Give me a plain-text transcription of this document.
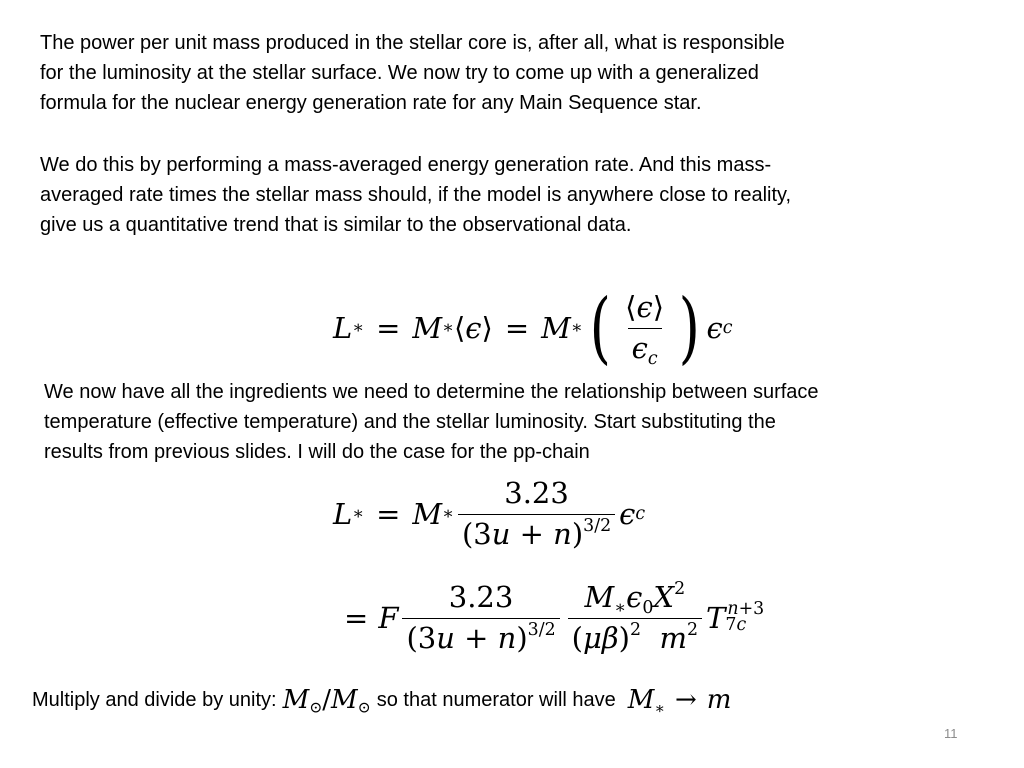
The power per unit mass produced in the stellar core is, after all, what is responsible
for the luminosity at the stellar surface. We now try to come up with a generalized
formula for the nuclear energy generation rate for any Main Sequence star.

We do this by performing a mass-averaged energy generation rate. And this mass-
averaged rate times the stellar mass should, if the model is anywhere close to reality,
give us a quantitative trend that is similar to the observational data.

L ∗ = M ∗ ⟨ ϵ ⟩ = M ∗ ( $\frac{⟨\epsilon⟩}{\epsilon_c}$ ) ϵ c

We now have all the ingredients we need to determine the relationship between surface
temperature (effective temperature) and the stellar luminosity. Start substituting the
results from previous slides. I will do the case for the pp-chain

L ∗ = M ∗ $\frac{3.23}{(3u + n)^{3/2}}$ ϵ c
= F $\frac{3.23}{(3u + n)^{3/2}} \frac{M_∗\epsilon_0X^2}{(\mu\beta)^2 m^2}$ T n+3
7c
Multiply and divide by unity: M⊙/M⊙ so that numerator will have $M_∗ \to m$
11
